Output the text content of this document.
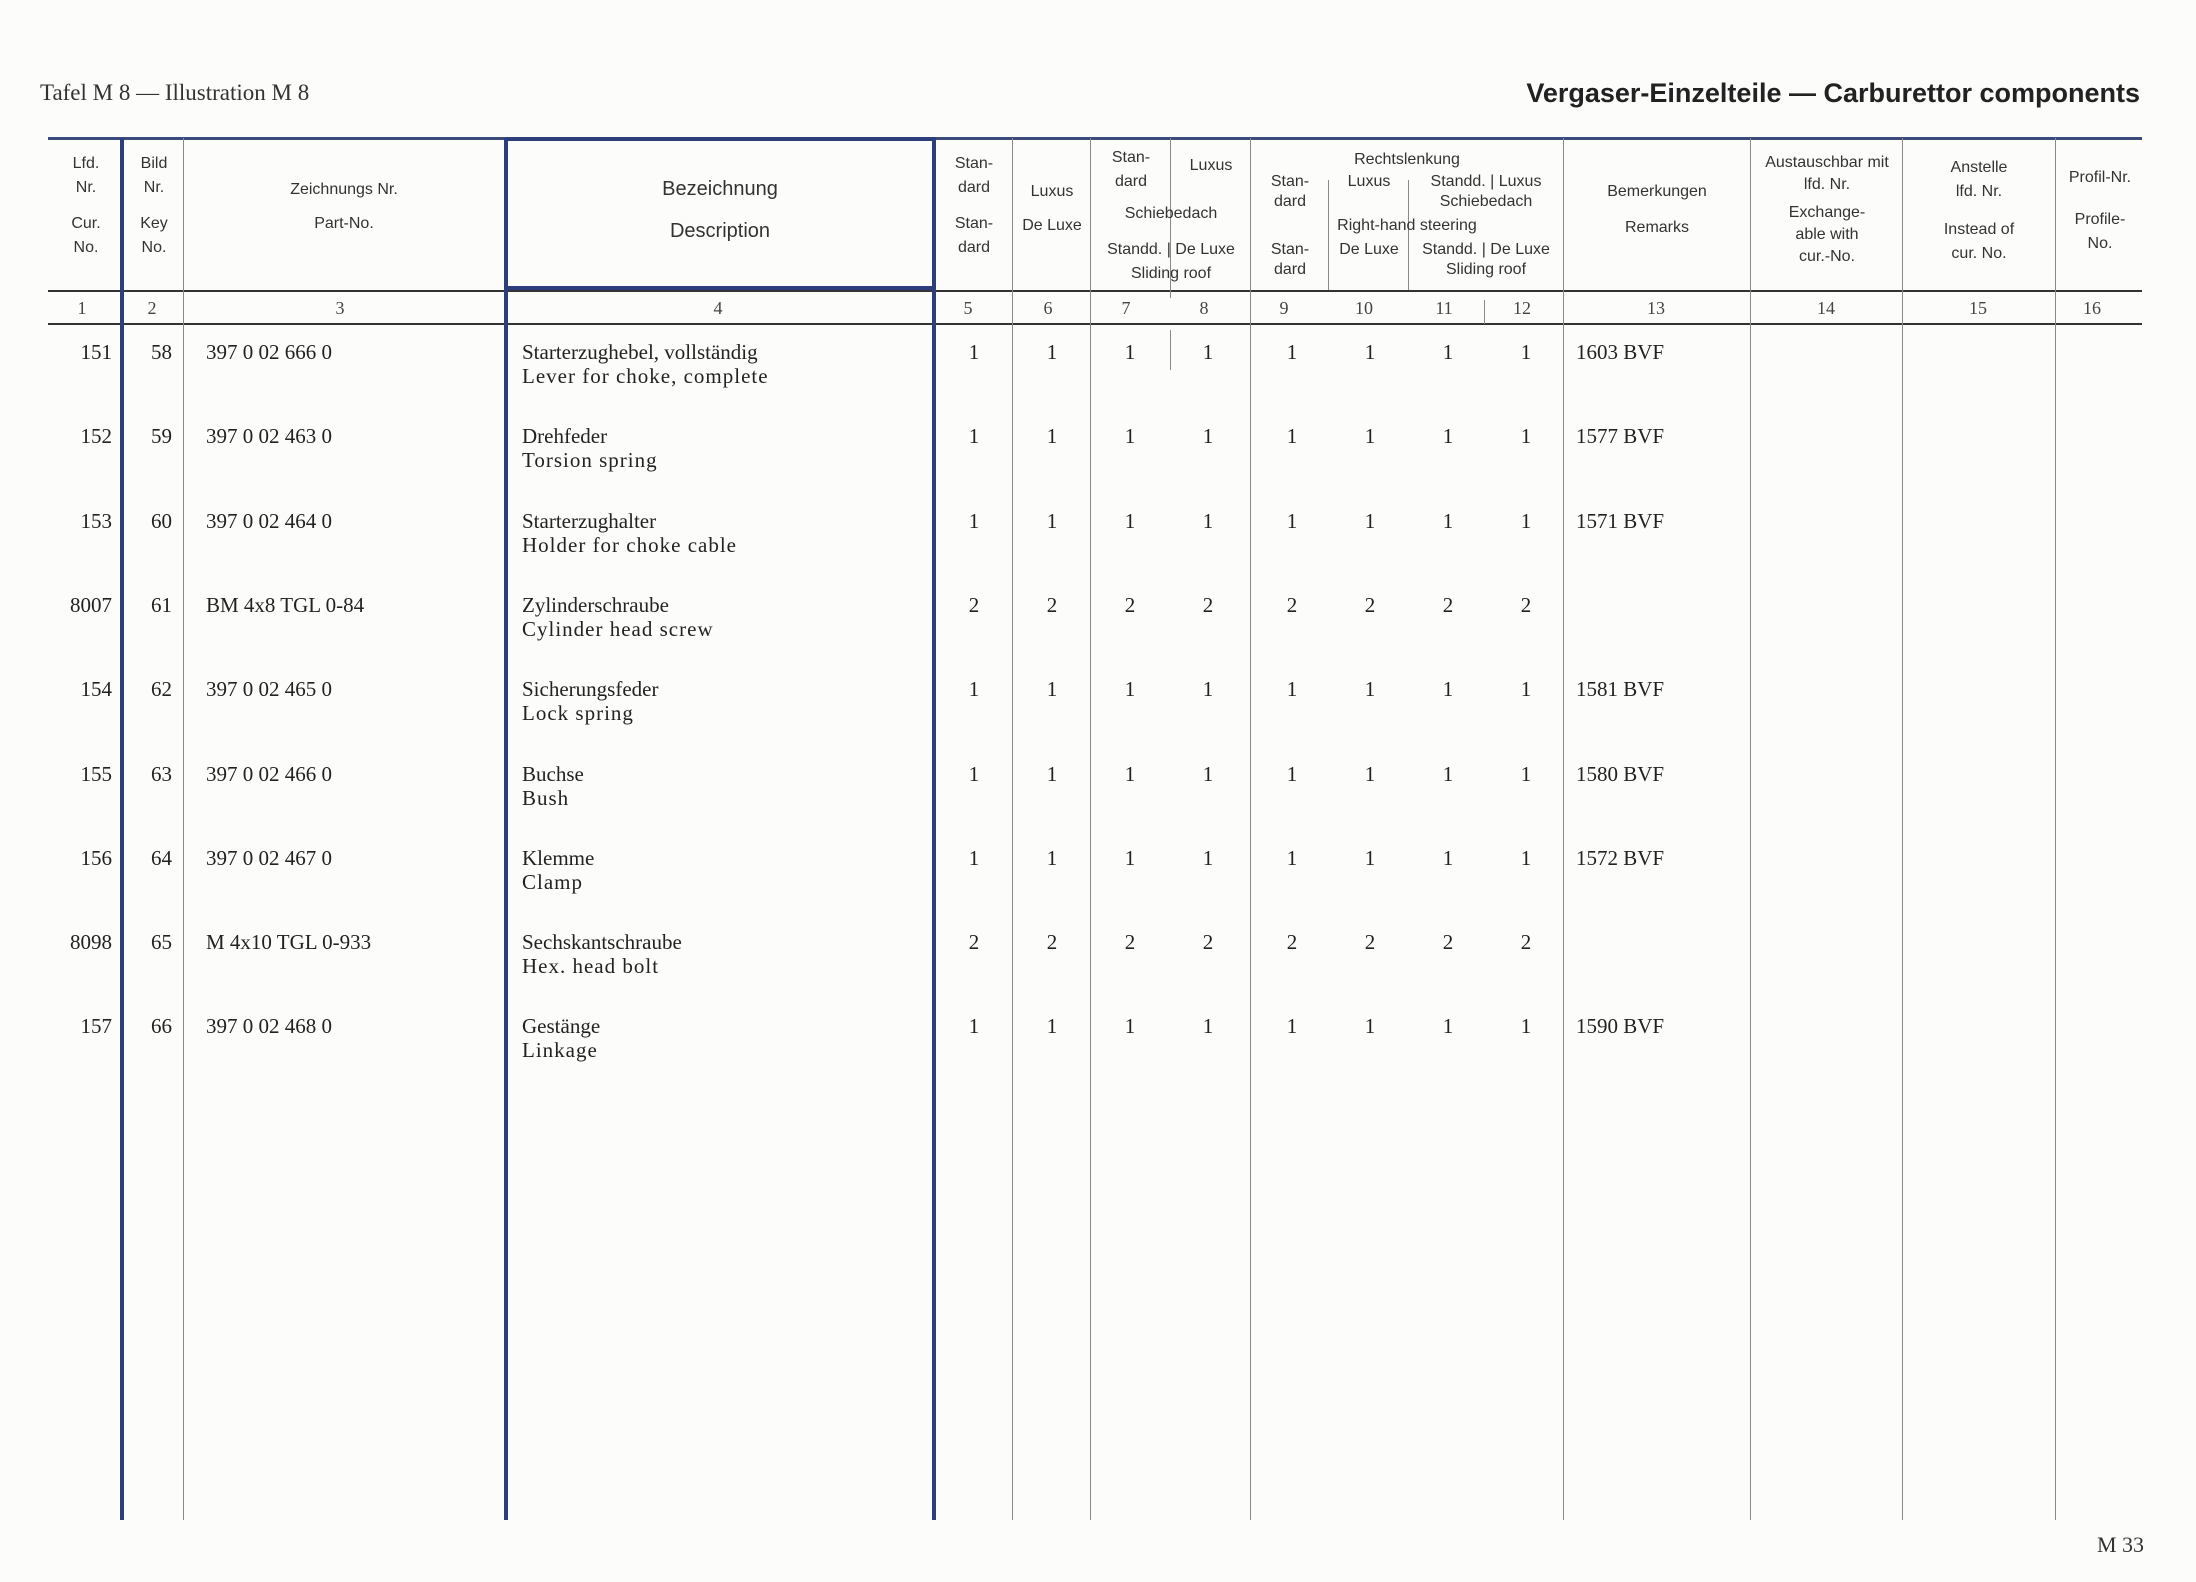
Tafel M 8 — Illustration M 8	Vergaser-Einzelteile — Carburettor components
Lfd.
Nr.
Cur.
No.
Bild
Nr.
Key
No.
Zeichnungs Nr.
Part-No.
Bezeichnung
Description
Stan-
dard
Stan-
dard
Luxus
De Luxe
Stan-
dard
Luxus
Schiebedach
Standd. | De Luxe
Sliding roof
Rechtslenkung
Stan-
dard
Luxus	Standd. | Luxus
Schiebedach
Right-hand steering
Stan-
dard
De Luxe	Standd. | De Luxe
Sliding roof
Bemerkungen
Remarks
Austauschbar mit
lfd. Nr.
Exchange-
able with
cur.-No.
Anstelle
lfd. Nr.
Instead of
cur. No.
Profil-Nr.
Profile-
No.
1	2	3	4	5	6	7	8	9	10	11	12	13	14	15	16
151	58 397 0 02 666 0	Starterzughebel, vollständig
Lever for choke, complete
1	1	1	1	1	1	1	1	1603 BVF
152	59 397 0 02 463 0	Drehfeder
Torsion spring
1	1	1	1	1	1	1	1	1577 BVF
153	60 397 0 02 464 0	Starterzughalter
Holder for choke cable
1	1	1	1	1	1	1	1	1571 BVF
8007	61 BM 4x8 TGL 0-84	Zylinderschraube
Cylinder head screw
2	2	2	2	2	2	2	2
154	62 397 0 02 465 0	Sicherungsfeder
Lock spring
1	1	1	1	1	1	1	1	1581 BVF
155	63 397 0 02 466 0	Buchse
Bush
1	1	1	1	1	1	1	1	1580 BVF
156	64 397 0 02 467 0	Klemme
Clamp
1	1	1	1	1	1	1	1	1572 BVF
8098	65 M 4x10 TGL 0-933	Sechskantschraube
Hex. head bolt
2	2	2	2	2	2	2	2
157	66 397 0 02 468 0	Gestänge
Linkage
1	1	1	1	1	1	1	1	1590 BVF
M 33
